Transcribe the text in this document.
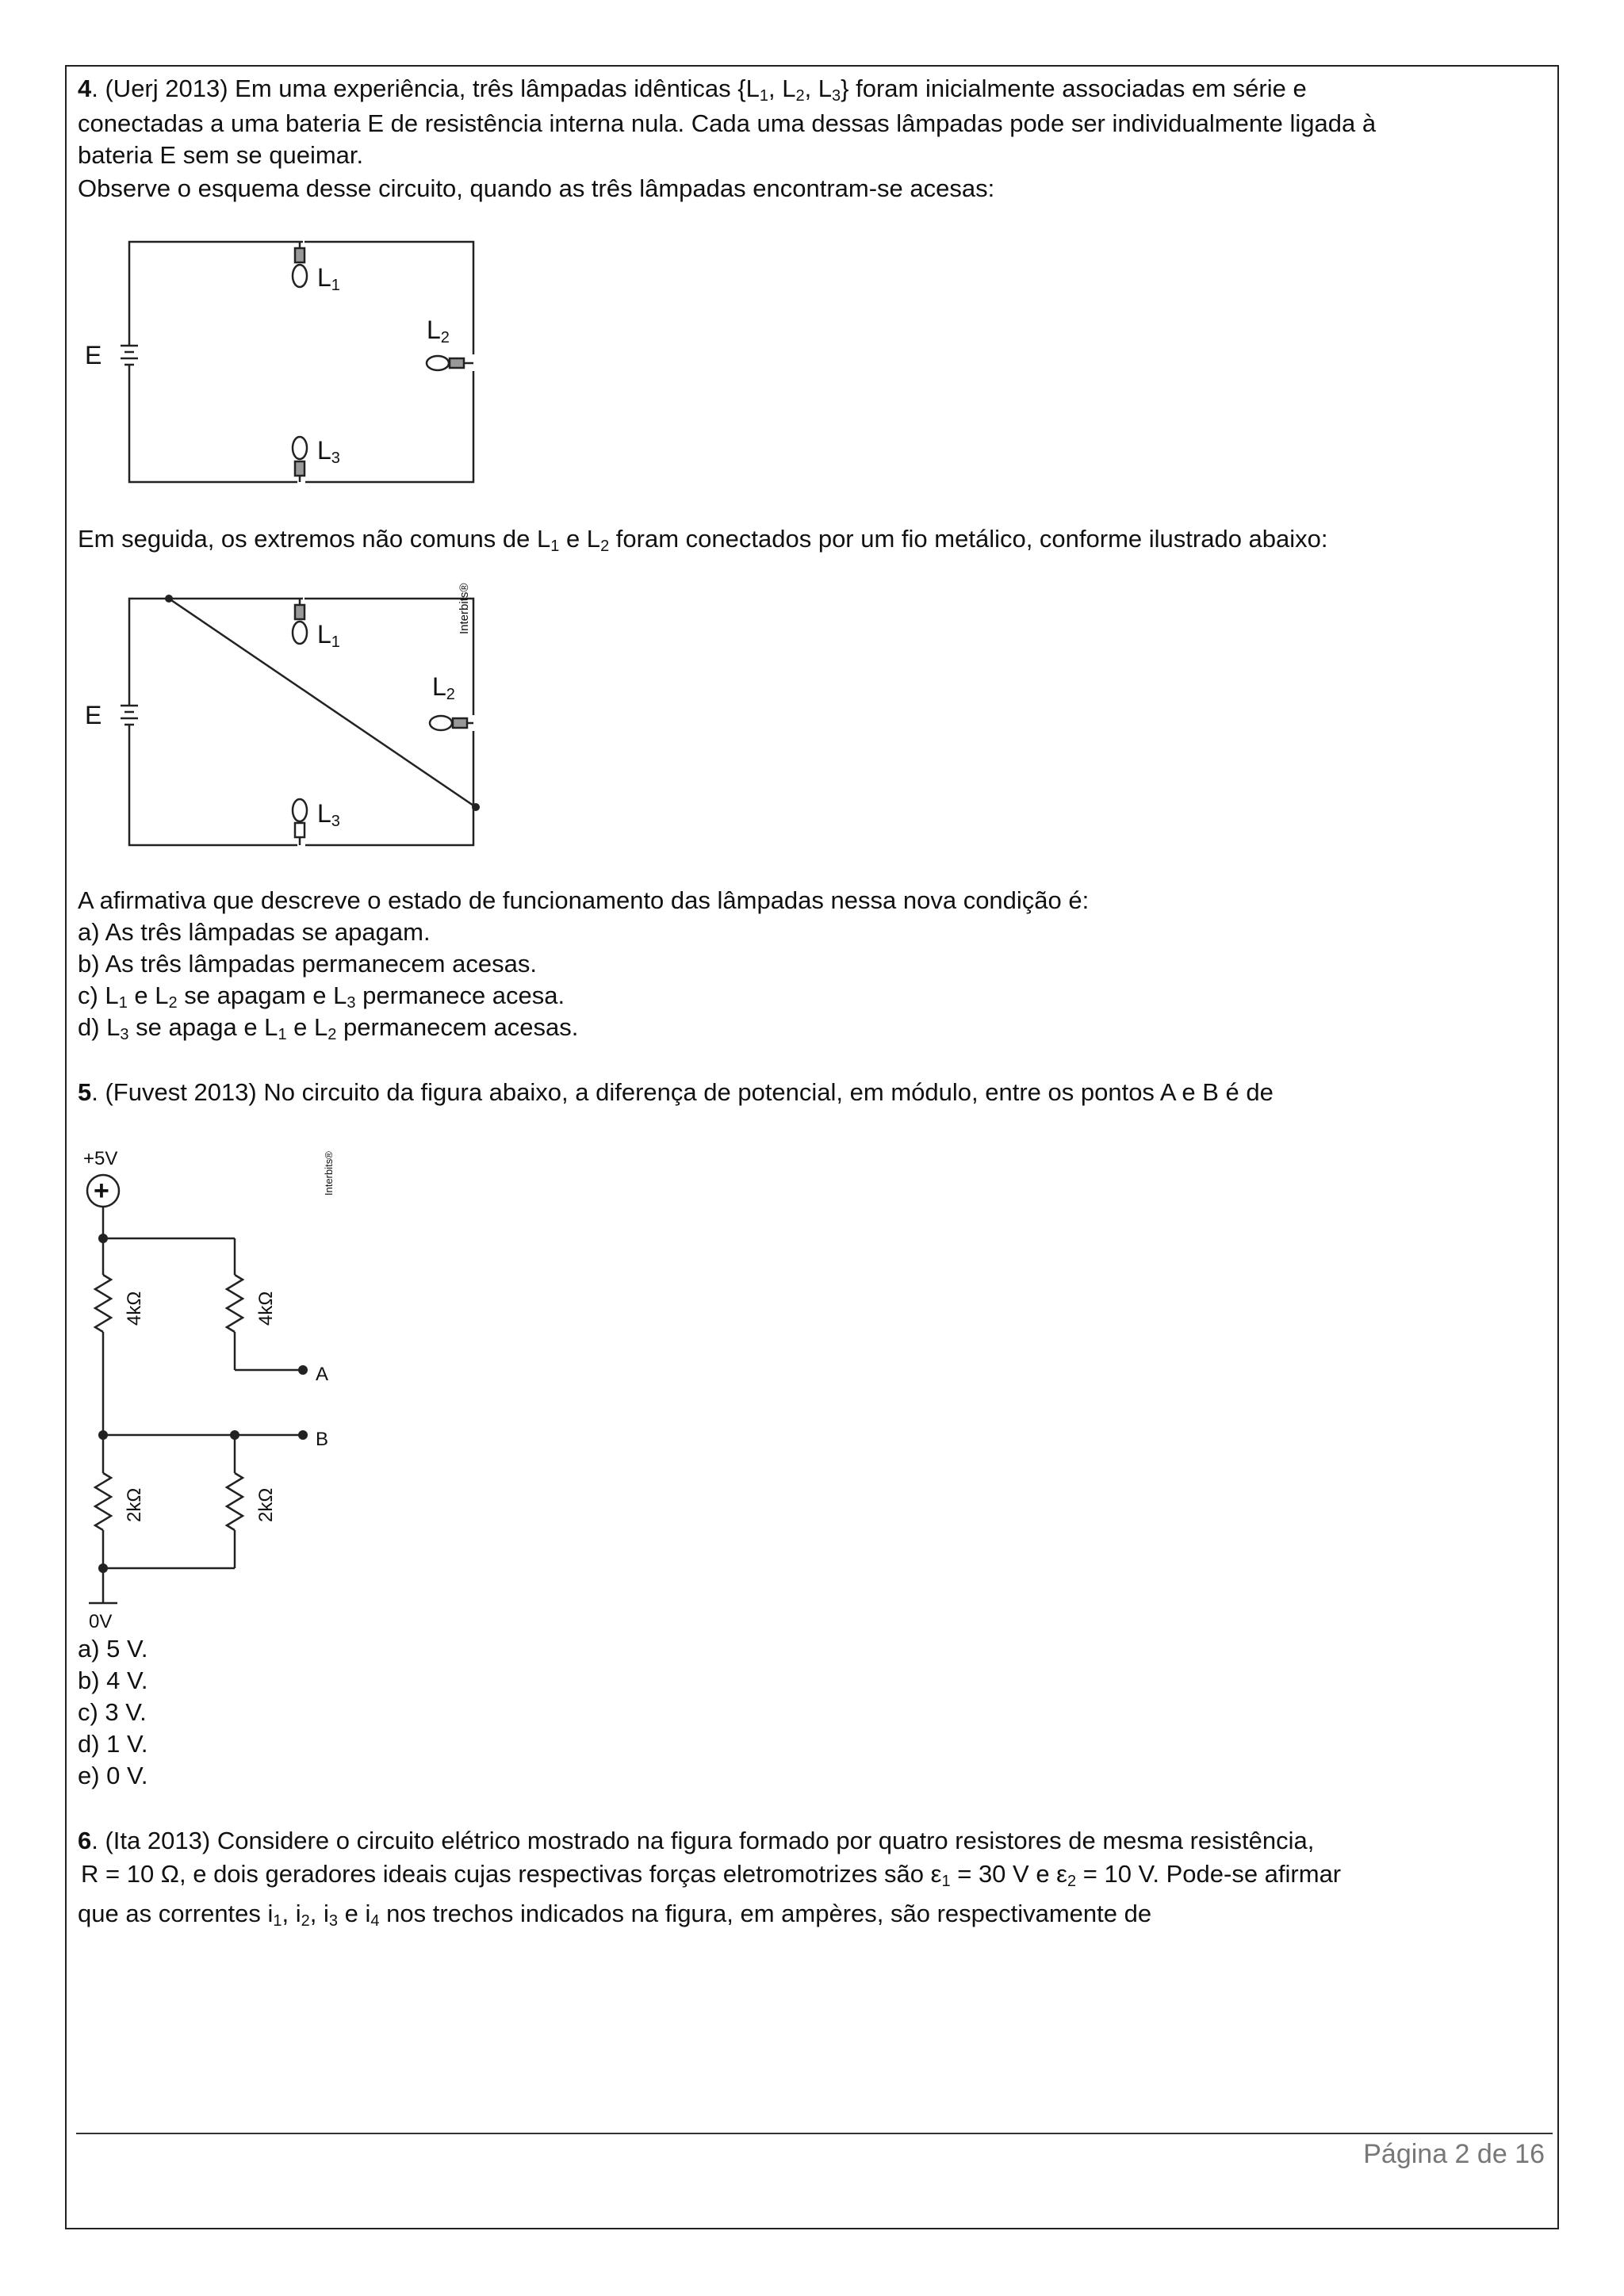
4. (Uerj 2013) Em uma experiência, três lâmpadas idênticas {$L_1$, $L_2$, $L_3$} foram inicialmente associadas em série e
conectadas a uma bateria E de resistência interna nula. Cada uma dessas lâmpadas pode ser individualmente ligada à
bateria E sem se queimar.
Observe o esquema desse circuito, quando as três lâmpadas encontram-se acesas:
E
$L_1$
$L_2$
$L_3$
Em seguida, os extremos não comuns de $L_1$ e $L_2$ foram conectados por um fio metálico, conforme ilustrado abaixo:
E
$L_1$
$L_2$
$L_3$
Interbits®
A afirmativa que descreve o estado de funcionamento das lâmpadas nessa nova condição é:
a) As três lâmpadas se apagam.
b) As três lâmpadas permanecem acesas.
c) $L_1$ e $L_2$ se apagam e $L_3$ permanece acesa.
d) $L_3$ se apaga e $L_1$ e $L_2$ permanecem acesas.
5. (Fuvest 2013) No circuito da figura abaixo, a diferença de potencial, em módulo, entre os pontos A e B é de
+5V
+
0V
4kΩ	4kΩ
2kΩ	2kΩ
A
B
Interbits®
a) 5 V.
b) 4 V.
c) 3 V.
d) 1 V.
e) 0 V.
6. (Ita 2013) Considere o circuito elétrico mostrado na figura formado por quatro resistores de mesma resistência,
R = 10 Ω, e dois geradores ideais cujas respectivas forças eletromotrizes são $\varepsilon_1 = 30$ V e $\varepsilon_2 = 10$ V. Pode-se afirmar
que as correntes $i_1$, $i_2$, $i_3$ e $i_4$ nos trechos indicados na figura, em ampères, são respectivamente de
Página 2 de 16
